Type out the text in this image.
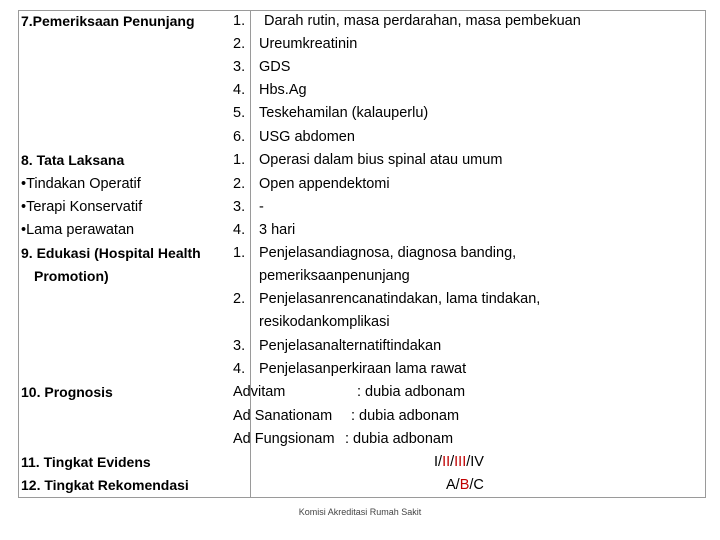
7.Pemeriksaan Penunjang
8. Tata Laksana
•Tindakan Operatif
•Terapi Konservatif
•Lama perawatan
9. Edukasi (Hospital Health
Promotion)
10. Prognosis
11. Tingkat Evidens
12. Tingkat Rekomendasi
1. Darah rutin, masa perdarahan, masa pembekuan
2. Ureumkreatinin
3. GDS
4. Hbs.Ag
5. Teskehamilan (kalauperlu)
6. USG abdomen
1. Operasi dalam bius spinal atau umum
2. Open appendektomi
3. -
4. 3 hari
1. Penjelasandiagnosa, diagnosa banding,
pemeriksaanpenunjang
2. Penjelasanrencanatindakan, lama tindakan,
resikodankomplikasi
3. Penjelasanalternatiftindakan
4. Penjelasanperkiraan lama rawat
Advitam	: dubia adbonam
Ad Sanationam : dubia adbonam
Ad Fungsionam : dubia adbonam
I/II/III/IV
A/B/C
Komisi Akreditasi Rumah Sakit
